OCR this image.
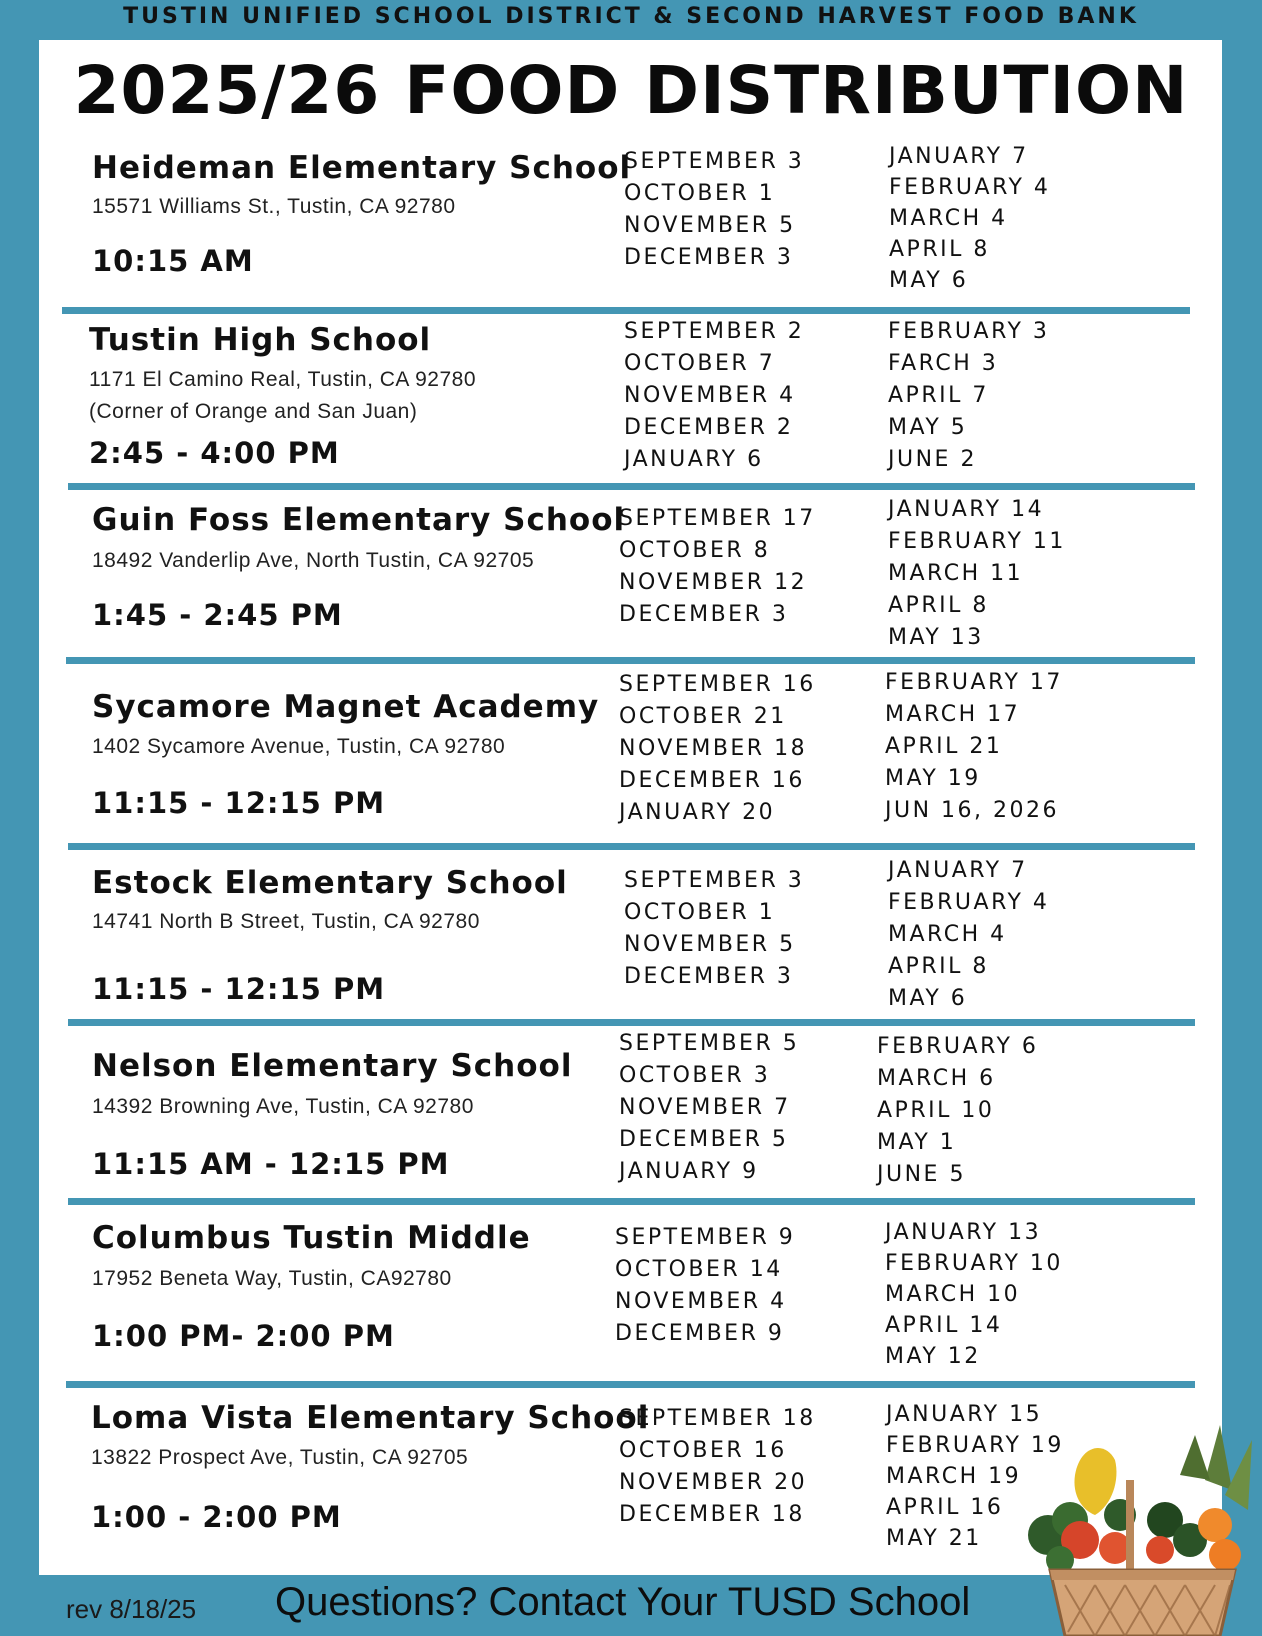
TUSTIN UNIFIED SCHOOL DISTRICT & SECOND HARVEST FOOD BANK
2025/26 FOOD DISTRIBUTION
Heideman Elementary School
15571 Williams St., Tustin, CA 92780
10:15 AM
SEPTEMBER 3
OCTOBER 1
NOVEMBER 5
DECEMBER 3
JANUARY 7
FEBRUARY 4
MARCH 4
APRIL 8
MAY 6
Tustin High School
1171 El Camino Real, Tustin, CA 92780
(Corner of Orange and San Juan)
2:45 - 4:00 PM
SEPTEMBER 2
OCTOBER 7
NOVEMBER 4
DECEMBER 2
JANUARY 6
FEBRUARY 3
FARCH 3
APRIL 7
MAY 5
JUNE 2
Guin Foss Elementary School
18492 Vanderlip Ave, North Tustin, CA 92705
1:45 - 2:45 PM
SEPTEMBER 17
OCTOBER 8
NOVEMBER 12
DECEMBER 3
JANUARY 14
FEBRUARY 11
MARCH 11
APRIL 8
MAY 13
Sycamore Magnet Academy
1402 Sycamore Avenue, Tustin, CA 92780
11:15 - 12:15 PM
SEPTEMBER 16
OCTOBER 21
NOVEMBER 18
DECEMBER 16
JANUARY 20
FEBRUARY 17
MARCH 17
APRIL 21
MAY 19
JUN 16, 2026
Estock Elementary School
14741 North B Street, Tustin, CA 92780
11:15 - 12:15 PM
SEPTEMBER 3
OCTOBER 1
NOVEMBER 5
DECEMBER 3
JANUARY 7
FEBRUARY 4
MARCH 4
APRIL 8
MAY 6
Nelson Elementary School
14392 Browning Ave, Tustin, CA 92780
11:15 AM - 12:15 PM
SEPTEMBER 5
OCTOBER 3
NOVEMBER 7
DECEMBER 5
JANUARY 9
FEBRUARY 6
MARCH 6
APRIL 10
MAY 1
JUNE 5
Columbus Tustin Middle
17952 Beneta Way, Tustin, CA92780
1:00 PM- 2:00 PM
SEPTEMBER 9
OCTOBER 14
NOVEMBER 4
DECEMBER 9
JANUARY 13
FEBRUARY 10
MARCH 10
APRIL 14
MAY 12
Loma Vista Elementary School
13822 Prospect Ave, Tustin, CA 92705
1:00 - 2:00 PM
SEPTEMBER 18
OCTOBER 16
NOVEMBER 20
DECEMBER 18
JANUARY 15
FEBRUARY 19
MARCH 19
APRIL 16
MAY 21
rev 8/18/25 Questions? Contact Your TUSD School
